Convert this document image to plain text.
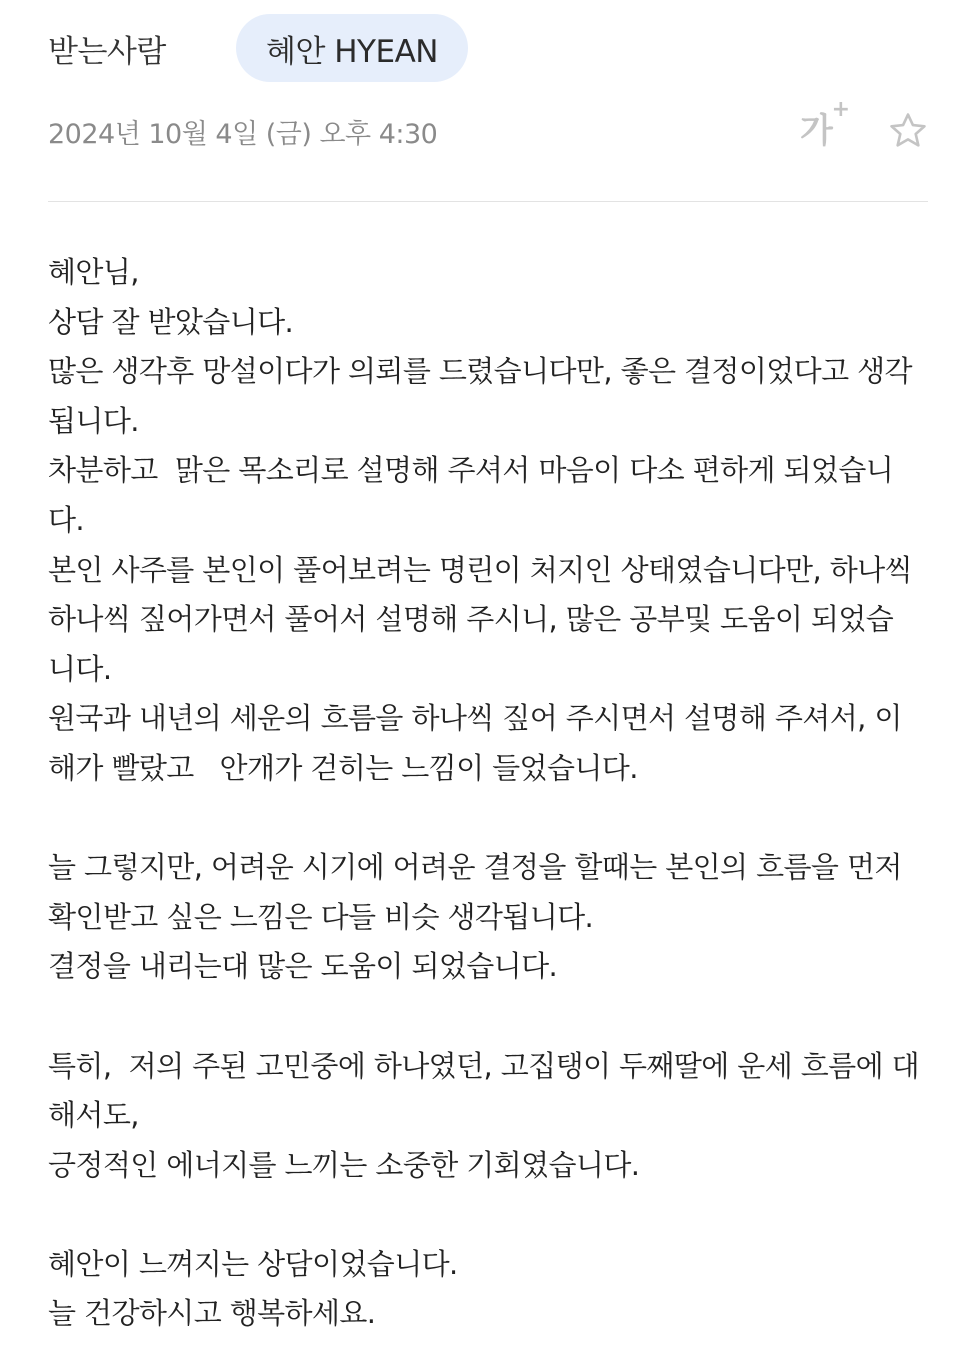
받는사람	혜안 HYEAN
2024년 10월 4일 (금) 오후 4:30	가
+
혜안님,
상담 잘 받았습니다.
많은 생각후 망설이다가 의뢰를 드렸습니다만, 좋은 결정이었다고 생각
됩니다.
차분하고  맑은 목소리로 설명해 주셔서 마음이 다소 편하게 되었습니
다.
본인 사주를 본인이 풀어보려는 명린이 처지인 상태였습니다만, 하나씩
하나씩 짚어가면서 풀어서 설명해 주시니, 많은 공부및 도움이 되었습
니다.
원국과 내년의 세운의 흐름을 하나씩 짚어 주시면서 설명해 주셔서, 이
해가 빨랐고   안개가 걷히는 느낌이 들었습니다.
늘 그렇지만, 어려운 시기에 어려운 결정을 할때는 본인의 흐름을 먼저
확인받고 싶은 느낌은 다들 비슷 생각됩니다.
결정을 내리는대 많은 도움이 되었습니다.
특히,  저의 주된 고민중에 하나였던, 고집탱이 두째딸에 운세 흐름에 대
해서도,
긍정적인 에너지를 느끼는 소중한 기회였습니다.
혜안이 느껴지는 상담이었습니다.
늘 건강하시고 행복하세요.
